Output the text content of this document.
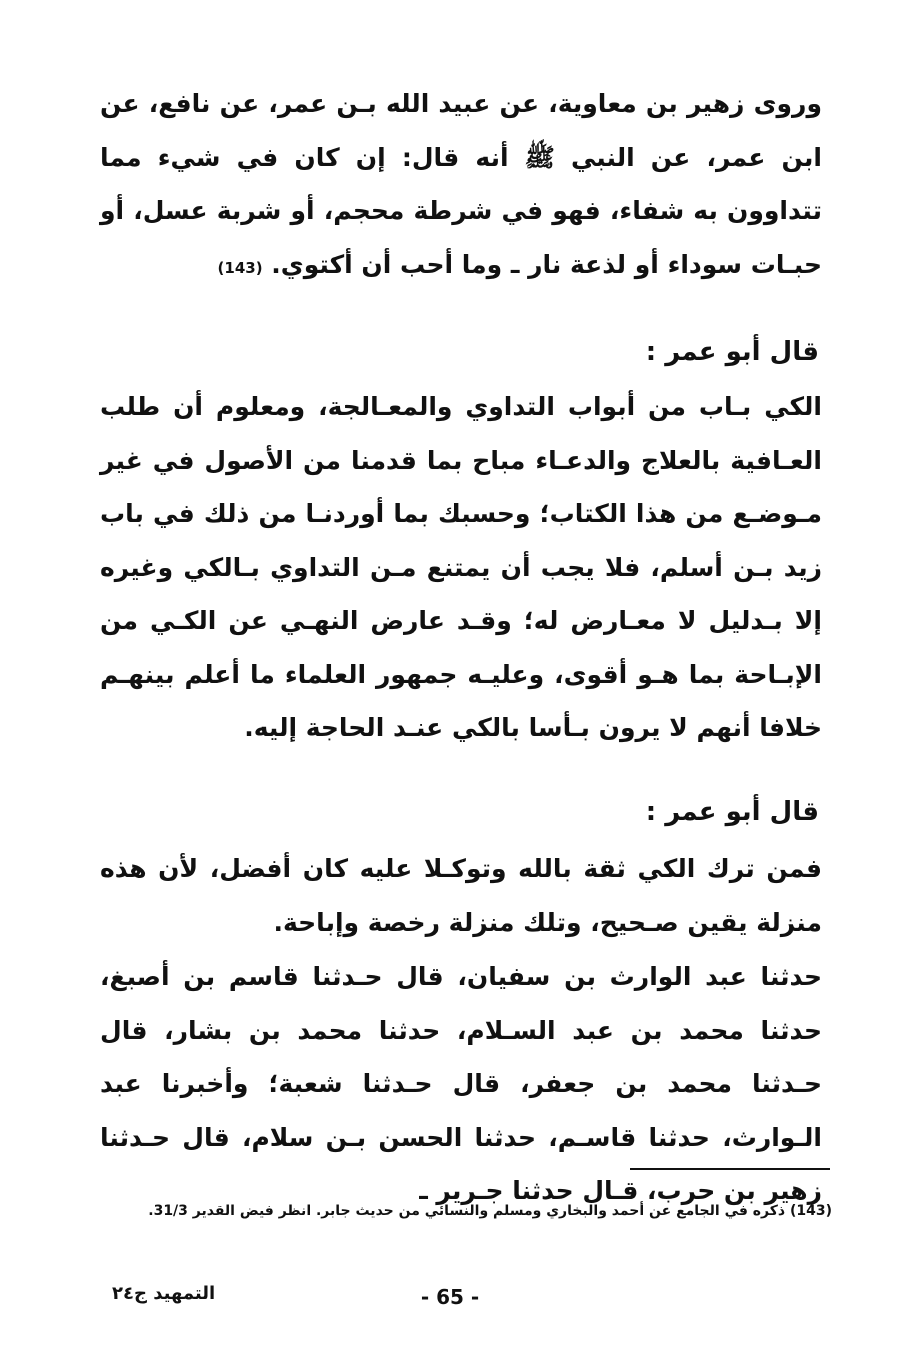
وروى زهير بن معاوية، عن عبيد الله بـن عمر، عن نافع، عن ابن عمر، عن النبي ﷺ أنه قال: إن كان في شيء مما تتداوون به شفاء، فهو في شرطة محجم، أو شربة عسل، أو حبـات سوداء أو لذعة نار ـ وما أحب أن أكتوي. (143)

قال أبو عمر :

الكي بـاب من أبواب التداوي والمعـالجة، ومعلوم أن طلب العـافية بالعلاج والدعـاء مباح بما قدمنا من الأصول في غير مـوضـع من هذا الكتاب؛ وحسبك بما أوردنـا من ذلك في باب زيد بـن أسلم، فلا يجب أن يمتنع مـن التداوي بـالكي وغيره إلا بـدليل لا معـارض له؛ وقـد عارض النهـي عن الكـي من الإبـاحة بما هـو أقوى، وعليـه جمهور العلماء ما أعلم بينهـم خلافا أنهم لا يرون بـأسا بالكي عنـد الحاجة إليه.

قال أبو عمر :

فمن ترك الكي ثقة بالله وتوكـلا عليه كان أفضل، لأن هذه منزلة يقين صـحيح، وتلك منزلة رخصة وإباحة.

حدثنا عبد الوارث بن سفيان، قال حـدثنا قاسم بن أصبغ، حدثنا محمد بن عبد السـلام، حدثنا محمد بن بشار، قال حـدثنا محمد بن جعفر، قال حـدثنا شعبة؛ وأخبرنا عبد الـوارث، حدثنا قاسـم، حدثنا الحسن بـن سلام، قال حـدثنا زهير بن حرب، قـال حدثنا جـرير ـ

(143) ذكره في الجامع عن أحمد والبخاري ومسلم والنسائي من حديث جابر. انظر فيض القدير 31/3.
التمهيد ج٢٤	- 65 -
